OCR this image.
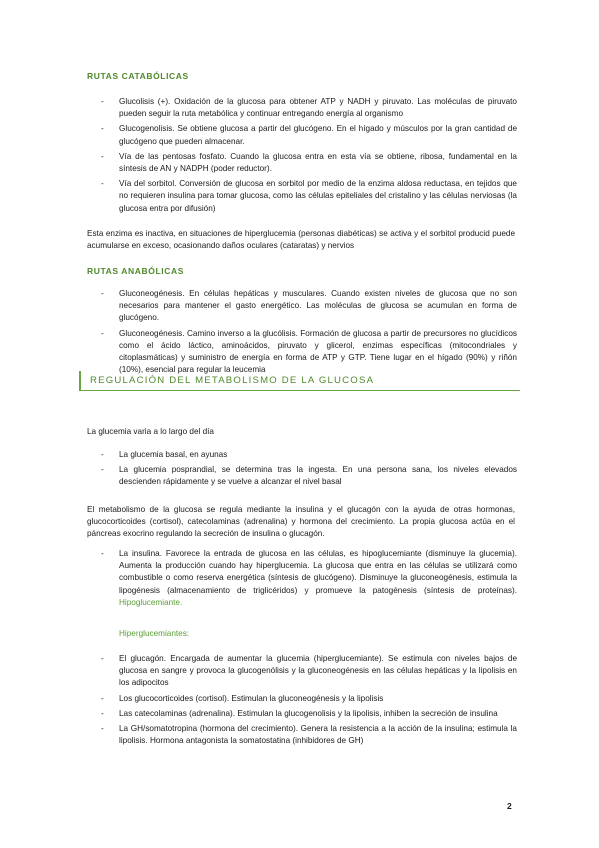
RUTAS CATABÓLICAS
- Glucolisis (+). Oxidación de la glucosa para obtener ATP y NADH y piruvato. Las moléculas de piruvato pueden seguir la ruta metabólica y continuar entregando energía al organismo
- Glucogenolisis. Se obtiene glucosa a partir del glucógeno. En el hígado y músculos por la gran cantidad de glucógeno que pueden almacenar.
- Vía de las pentosas fosfato. Cuando la glucosa entra en esta vía se obtiene, ribosa, fundamental en la síntesis de AN y NADPH (poder reductor).
- Vía del sorbitol. Conversión de glucosa en sorbitol por medio de la enzima aldosa reductasa, en tejidos que no requieren insulina para tomar glucosa, como las células epiteliales del cristalino y las células nerviosas (la glucosa entra por difusión)
Esta enzima es inactiva, en situaciones de hiperglucemia (personas diabéticas) se activa y el sorbitol producid puede acumularse en exceso, ocasionando daños oculares (cataratas) y nervios
RUTAS ANABÓLICAS
- Gluconeogénesis. En células hepáticas y musculares. Cuando existen niveles de glucosa que no son necesarios para mantener el gasto energético. Las moléculas de glucosa se acumulan en forma de glucógeno.
- Gluconeogénesis. Camino inverso a la glucólisis. Formación de glucosa a partir de precursores no glucídicos como el ácido láctico, aminoácidos, piruvato y glicerol, enzimas específicas (mitocondriales y citoplasmáticas) y suministro de energía en forma de ATP y GTP. Tiene lugar en el hígado (90%) y riñón (10%), esencial para regular la leucemia
REGULACIÓN DEL METABOLISMO DE LA GLUCOSA
La glucemia varia a lo largo del día
- La glucemia basal, en ayunas
- La glucemia posprandial, se determina tras la ingesta. En una persona sana, los niveles elevados descienden rápidamente y se vuelve a alcanzar el nivel basal
El metabolismo de la glucosa se regula mediante la insulina y el glucagón con la ayuda de otras hormonas, glucocorticoides (cortisol), catecolaminas (adrenalina) y hormona del crecimiento. La propia glucosa actúa en el páncreas exocrino regulando la secreción de insulina o glucagón.
- La insulina. Favorece la entrada de glucosa en las células, es hipoglucemiante (disminuye la glucemia). Aumenta la producción cuando hay hiperglucemia. La glucosa que entra en las células se utilizará como combustible o como reserva energética (síntesis de glucógeno). Disminuye la gluconeogénesis, estimula la lipogénesis (almacenamiento de triglicéridos) y promueve la patogénesis (síntesis de proteínas). Hipoglucemiante.
Hiperglucemiantes:
- El glucagón. Encargada de aumentar la glucemia (hiperglucemiante). Se estimula con niveles bajos de glucosa en sangre y provoca la glucogenólisis y la gluconeogénesis en las células hepáticas y la lipolisis en los adipocitos
- Los glucocorticoides (cortisol). Estimulan la gluconeogénesis y la lipolisis
- Las catecolaminas (adrenalina). Estimulan la glucogenolisis y la lipolisis, inhiben la secreción de insulina
- La GH/somatotropina (hormona del crecimiento). Genera la resistencia a la acción de la insulina; estimula la lipolisis. Hormona antagonista la somatostatina (inhibidores de GH)
2
